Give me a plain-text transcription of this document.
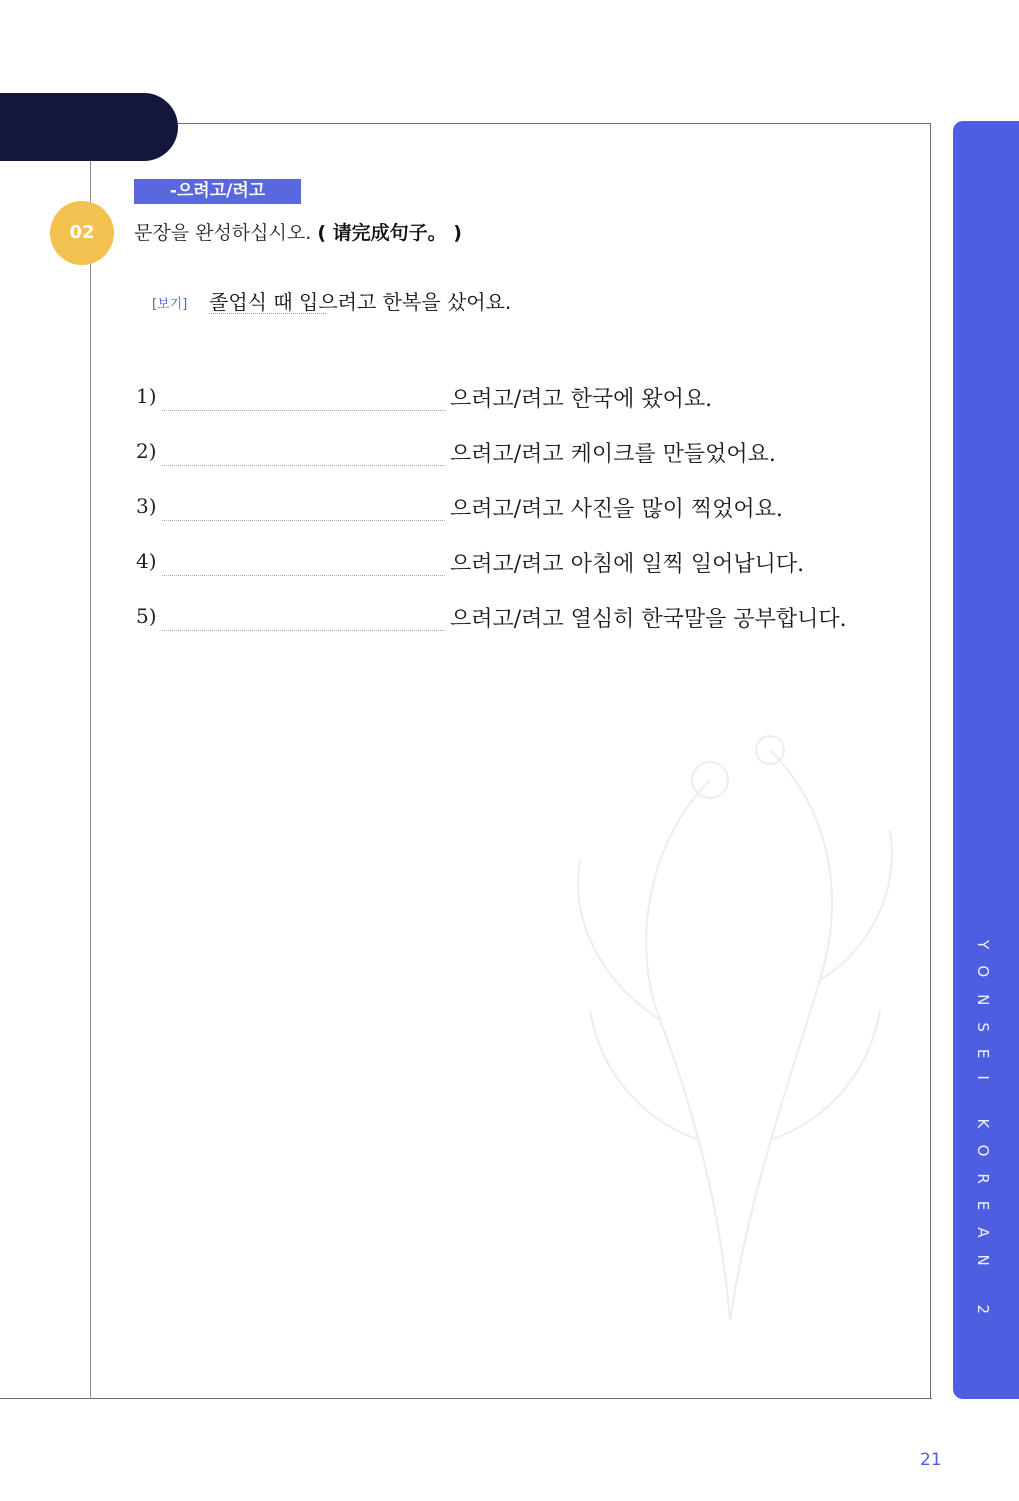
YONSEI KOREAN 2
-으려고/려고
02	문장을 완성하십시오. ( 请完成句子。 )
[보기] 졸업식 때 입으려고 한복을 샀어요.
1)	으려고/려고 한국에 왔어요.
2)	으려고/려고 케이크를 만들었어요.
3)	으려고/려고 사진을 많이 찍었어요.
4)	으려고/려고 아침에 일찍 일어납니다.
5)	으려고/려고 열심히 한국말을 공부합니다.
21
